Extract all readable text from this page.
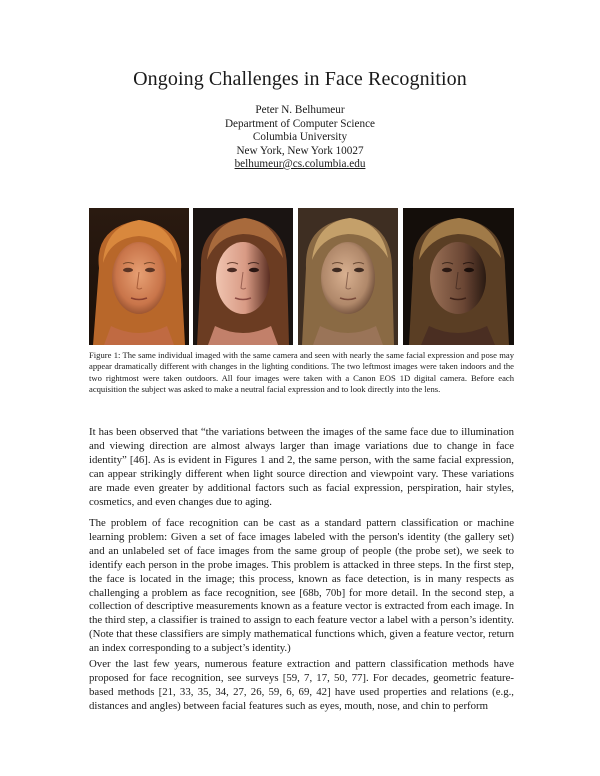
Ongoing Challenges in Face Recognition
Peter N. Belhumeur
Department of Computer Science
Columbia University
New York, New York 10027
belhumeur@cs.columbia.edu
Figure 1: The same individual imaged with the same camera and seen with nearly the same facial expression and pose may appear dramatically different with changes in the lighting conditions. The two leftmost images were taken indoors and the two rightmost were taken outdoors. All four images were taken with a Canon EOS 1D digital camera. Before each acquisition the subject was asked to make a neutral facial expression and to look directly into the lens.

It has been observed that “the variations between the images of the same face due to illumination and viewing direction are almost always larger than image variations due to change in face identity” [46]. As is evident in Figures 1 and 2, the same person, with the same facial expression, can appear strikingly different when light source direction and viewpoint vary. These variations are made even greater by additional factors such as facial expression, perspiration, hair styles, cosmetics, and even changes due to aging.

The problem of face recognition can be cast as a standard pattern classification or machine learning problem: Given a set of face images labeled with the person's identity (the gallery set) and an unlabeled set of face images from the same group of people (the probe set), we seek to identify each person in the probe images. This problem is attacked in three steps. In the first step, the face is located in the image; this process, known as face detection, is in many respects as challenging a problem as face recognition, see [68b, 70b] for more detail. In the second step, a collection of descriptive measurements known as a feature vector is extracted from each image. In the third step, a classifier is trained to assign to each feature vector a label with a person’s identity. (Note that these classifiers are simply mathematical functions which, given a feature vector, return an index corresponding to a subject’s identity.)

Over the last few years, numerous feature extraction and pattern classification methods have proposed for face recognition, see surveys [59, 7, 17, 50, 77]. For decades, geometric feature-based methods [21, 33, 35, 34, 27, 26, 59, 6, 69, 42] have used properties and relations (e.g., distances and angles) between facial features such as eyes, mouth, nose, and chin to perform
